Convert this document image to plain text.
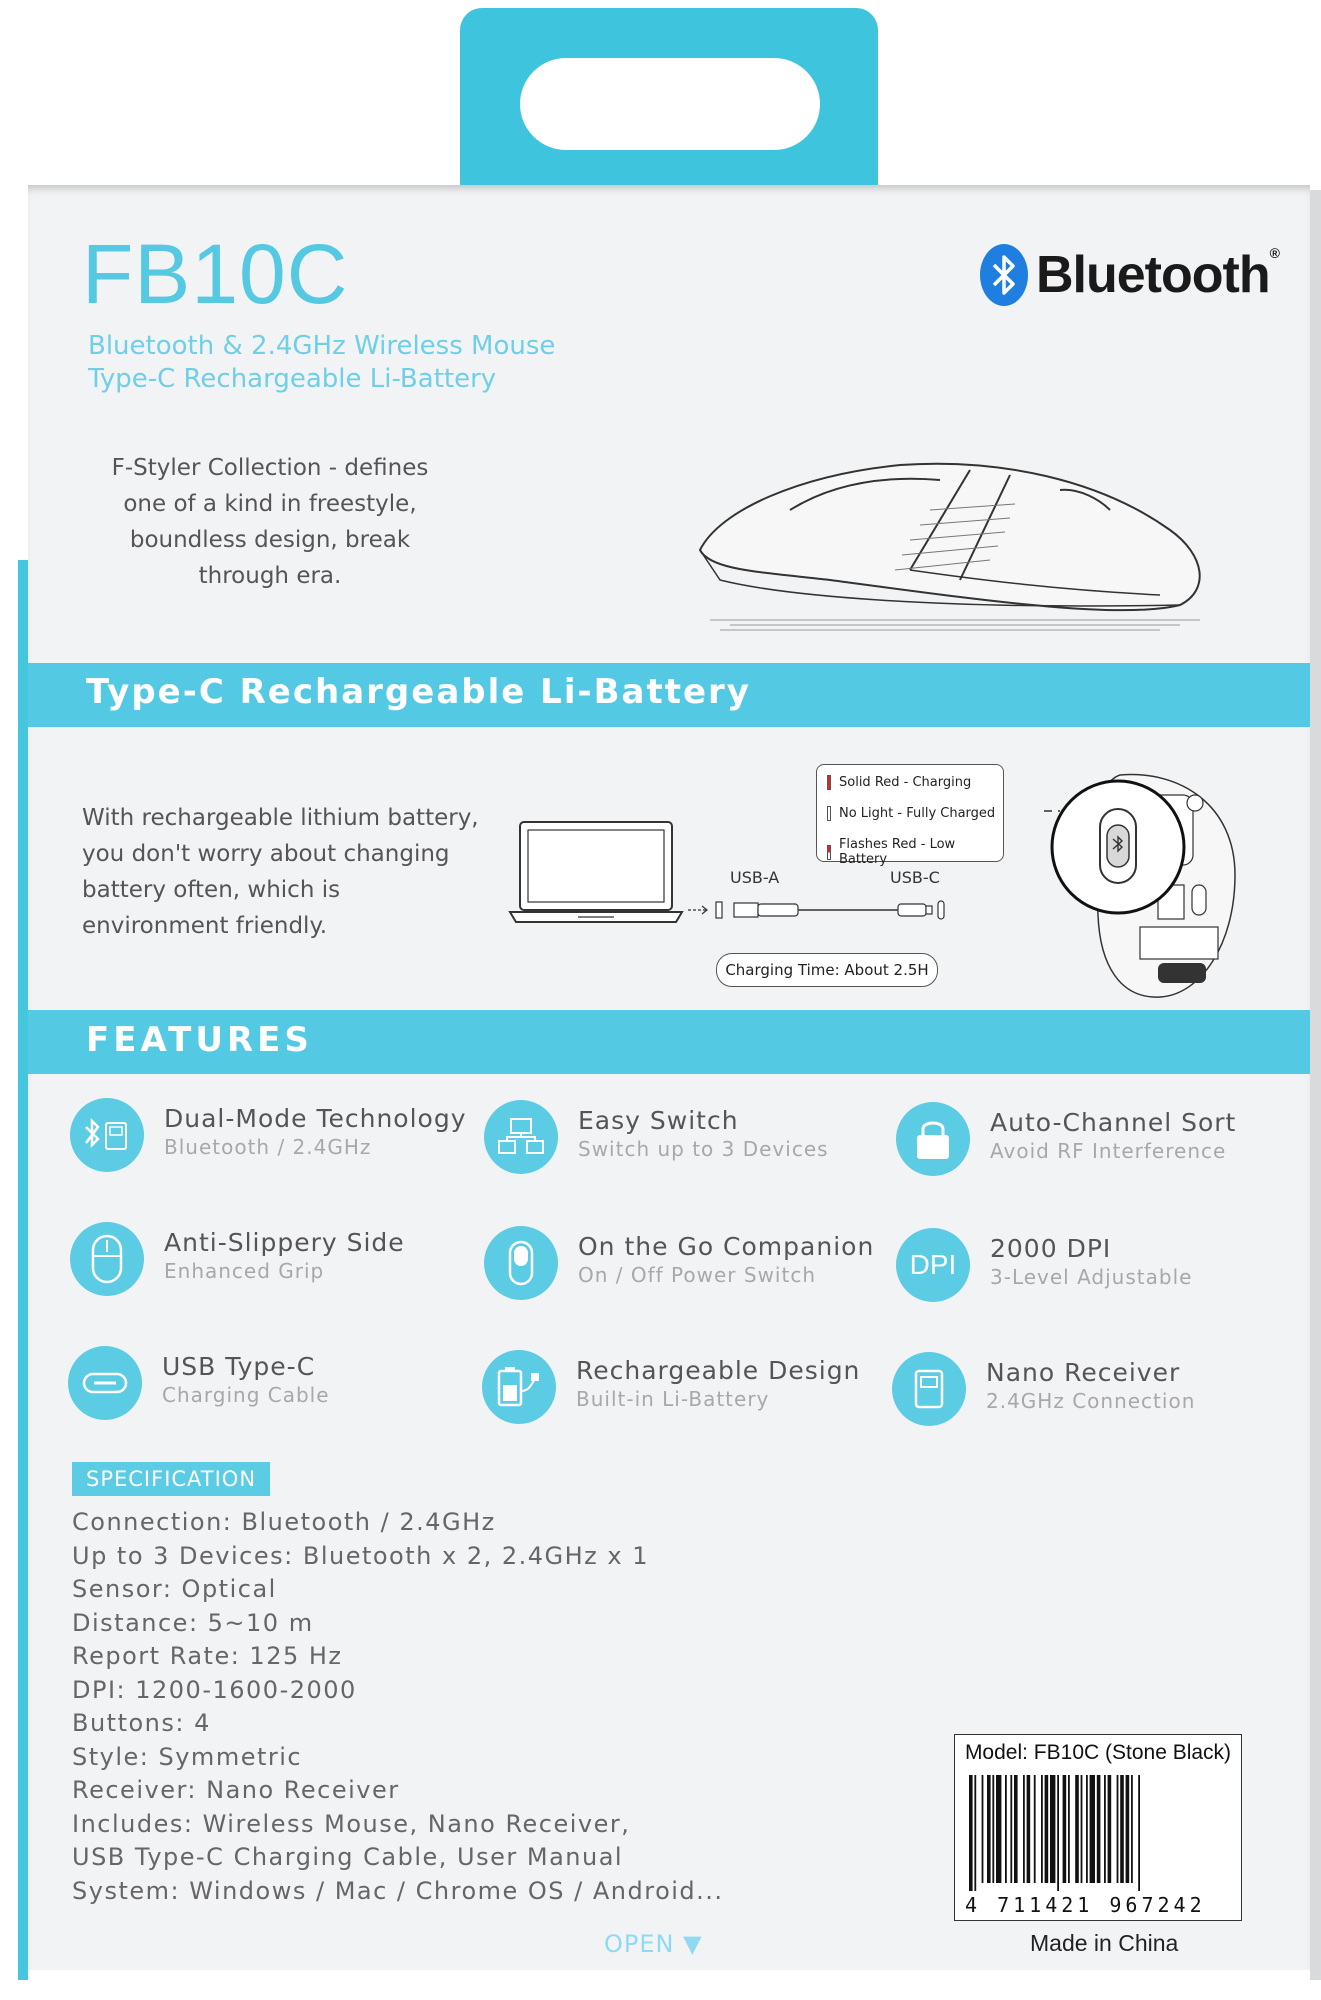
FB10C

Bluetooth & 2.4GHz Wireless Mouse

Type-C Rechargeable Li-Battery

F-Styler Collection - defines one of a kind in freestyle, boundless design, break through era.

Bluetooth®
Type-C Rechargeable Li-Battery

With rechargeable lithium battery, you don't worry about changing battery often, which is environment friendly.

USB-A	USB-C
Charging Time: About 2.5H
Solid Red - Charging
No Light - Fully Charged
Flashes Red - Low Battery
FEATURES
Dual-Mode Technology
Bluetooth / 2.4GHz
Easy Switch
Switch up to 3 Devices
Auto-Channel Sort
Avoid RF Interference
Anti-Slippery Side
Enhanced Grip
On the Go Companion
On / Off Power Switch	DPI
2000 DPI
3-Level Adjustable
USB Type-C
Charging Cable
Rechargeable Design
Built-in Li-Battery
Nano Receiver
2.4GHz Connection
SPECIFICATION
Connection: Bluetooth / 2.4GHz
Up to 3 Devices: Bluetooth x 2, 2.4GHz x 1
Sensor: Optical
Distance: 5~10 m
Report Rate: 125 Hz
DPI: 1200-1600-2000
Buttons: 4
Style: Symmetric
Receiver: Nano Receiver
Includes: Wireless Mouse, Nano Receiver,
USB Type-C Charging Cable, User Manual
System: Windows / Mac / Chrome OS / Android...
OPEN ▼
Model: FB10C (Stone Black)
4 711421 967242
Made in China
